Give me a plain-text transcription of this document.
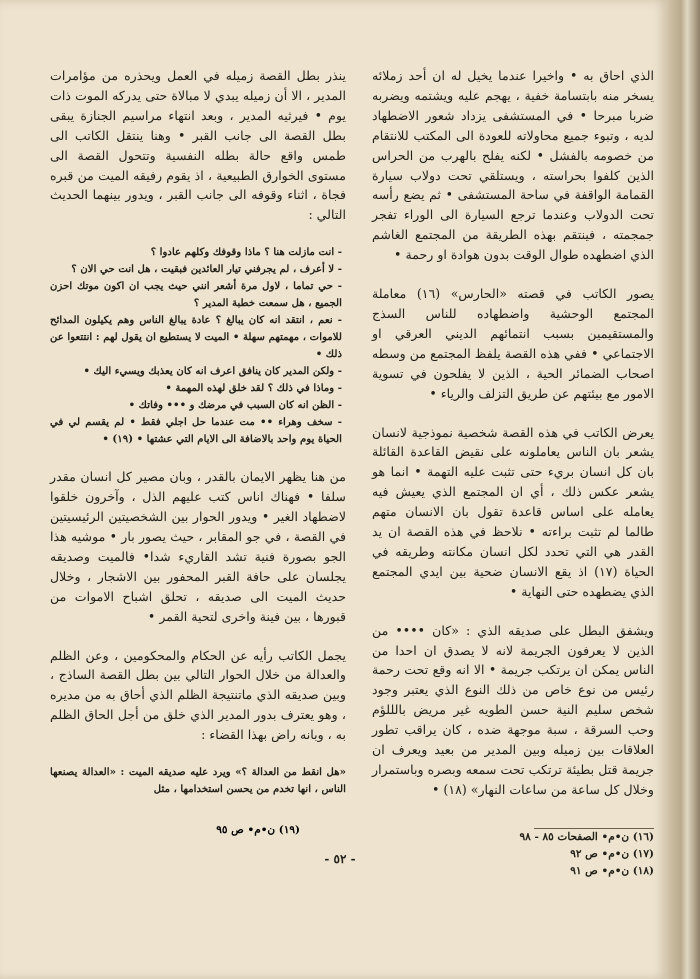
الذي احاق به • واخيرا عندما يخيل له ان أحد زملائه يسخر منه بابتسامة خفية ، يهجم عليه ويشتمه ويضربه ضربا مبرحا • في المستشفى يزداد شعور الاضطهاد لديه ، وتبوء جميع محاولاته للعودة الى المكتب للانتقام من خصومه بالفشل • لكنه يفلح بالهرب من الحراس الذين كلفوا بحراسته ، ويستلقي تحت دولاب سيارة القمامة الواقفة في ساحة المستشفى • ثم يضع رأسه تحت الدولاب وعندما ترجع السيارة الى الوراء تفجر جمجمته ، فينتقم بهذه الطريقة من المجتمع الغاشم الذي اضطهده طوال الوقت بدون هوادة او رحمة •

يصور الكاتب في قصته «الحارس» (١٦) معاملة المجتمع الوحشية واضطهاده للناس السذج والمستقيمين بسبب انتمائهم الديني العرقي او الاجتماعي • ففي هذه القصة يلفظ المجتمع من وسطه اصحاب الضمائر الحية ، الذين لا يفلحون في تسوية الامور مع بيئتهم عن طريق التزلف والرياء •

يعرض الكاتب في هذه القصة شخصية نموذجية لانسان يشعر بان الناس يعاملونه على نقيض القاعدة القائلة بان كل انسان بريء حتى تثبت عليه التهمة • انما هو يشعر عكس ذلك ، أي ان المجتمع الذي يعيش فيه يعامله على اساس قاعدة تقول بان الانسان متهم طالما لم تثبت براءته • نلاحظ في هذه القصة ان يد القدر هي التي تحدد لكل انسان مكانته وطريقه في الحياة (١٧) اذ يقع الانسان ضحية بين ايدي المجتمع الذي يضطهده حتى النهاية •

ويشفق البطل على صديقه الذي : «كان •••• من الذين لا يعرفون الجريمة لانه لا يصدق ان احدا من الناس يمكن ان يرتكب جريمة • الا انه وقع تحت رحمة رئيس من نوع خاص من ذلك النوع الذي يعتبر وجود شخص سليم النية حسن الطويه غير مريض بالللؤم وحب السرقة ، سبة موجهة ضده ، كان يراقب تطور العلاقات بين زميله وبين المدير من بعيد ويعرف ان جريمة قتل بطيئة ترتكب تحت سمعه وبصره وباستمرار وخلال كل ساعة من ساعات النهار» (١٨) •

(١٦) ن•م• الصفحات ٨٥ - ٩٨
(١٧) ن•م• ص ٩٢
(١٨) ن•م• ص ٩١

ينذر بطل القصة زميله في العمل ويحذره من مؤامرات المدير ، الا أن زميله يبدي لا مبالاة حتى يدركه الموت ذات يوم • فيرثيه المدير ، وبعد انتهاء مراسيم الجنازة يبقى بطل القصة الى جانب القبر • وهنا ينتقل الكاتب الى طمس واقع حالة بطله النفسية وتتحول القصة الى مستوى الخوارق الطبيعية ، اذ يقوم رفيقه الميت من قبره فجاة ، اثناء وقوفه الى جانب القبر ، ويدور بينهما الحديث التالي :

- انت مازلت هنا ؟ ماذا وقوفك وكلهم عادوا ؟
- لا أعرف ، لم يجرفني تيار العائدين فبقيت ، هل انت حي الان ؟
- حي تماما ، لاول مرة أشعر انني حيث يجب ان اكون موتك احزن الجميع ، هل سمعت خطبة المدير ؟
- نعم ، انتقد انه كان يبالغ ؟ عادة يبالغ الناس وهم يكيلون المدائح للاموات ، مهمتهم سهلة • الميت لا يستطيع ان يقول لهم : انتتعوا عن ذلك •
- ولكن المدير كان ينافق اعرف انه كان يعذبك ويسيء اليك •
- وماذا في ذلك ؟ لقد خلق لهذه المهمة •
- الظن انه كان السبب في مرضك و ••• وفاتك •
- سخف وهراء •• مت عندما حل اجلي فقط • لم يقسم لي في الحياة يوم واحد بالاضافة الى الايام التي عشتها • (١٩) •

من هنا يظهر الايمان بالقدر ، وبان مصير كل انسان مقدر سلفا • فهناك اناس كتب عليهم الذل ، وآخرون خلقوا لاضطهاد الغير • ويدور الحوار بين الشخصيتين الرئيسيتين في القصة ، في جو المقابر ، حيث يصور بار • موشيه هذا الجو بصورة فنية تشد القاريء شدا• فالميت وصديقه يجلسان على حافة القبر المحفور بين الاشجار ، وخلال حديث الميت الى صديقه ، تحلق اشباح الاموات من قبورها ، بين فينة واخرى لتحية القمر •

يجمل الكاتب رأيه عن الحكام والمحكومين ، وعن الظلم والعدالة من خلال الحوار التالي بين بطل القصة الساذج ، وبين صديقه الذي ماتنتيجة الظلم الذي أحاق به من مديره ، وهو يعترف بدور المدير الذي خلق من أجل الحاق الظلم به ، وبانه راض بهذا القضاء :

«هل انقط من العدالة ؟» ويرد عليه صديقه الميت : «العدالة يصنعها الناس ، انها تخدم من يحسن استخدامها ، مثل
(١٩) ن•م• ص ٩٥
- ٥٢ -
